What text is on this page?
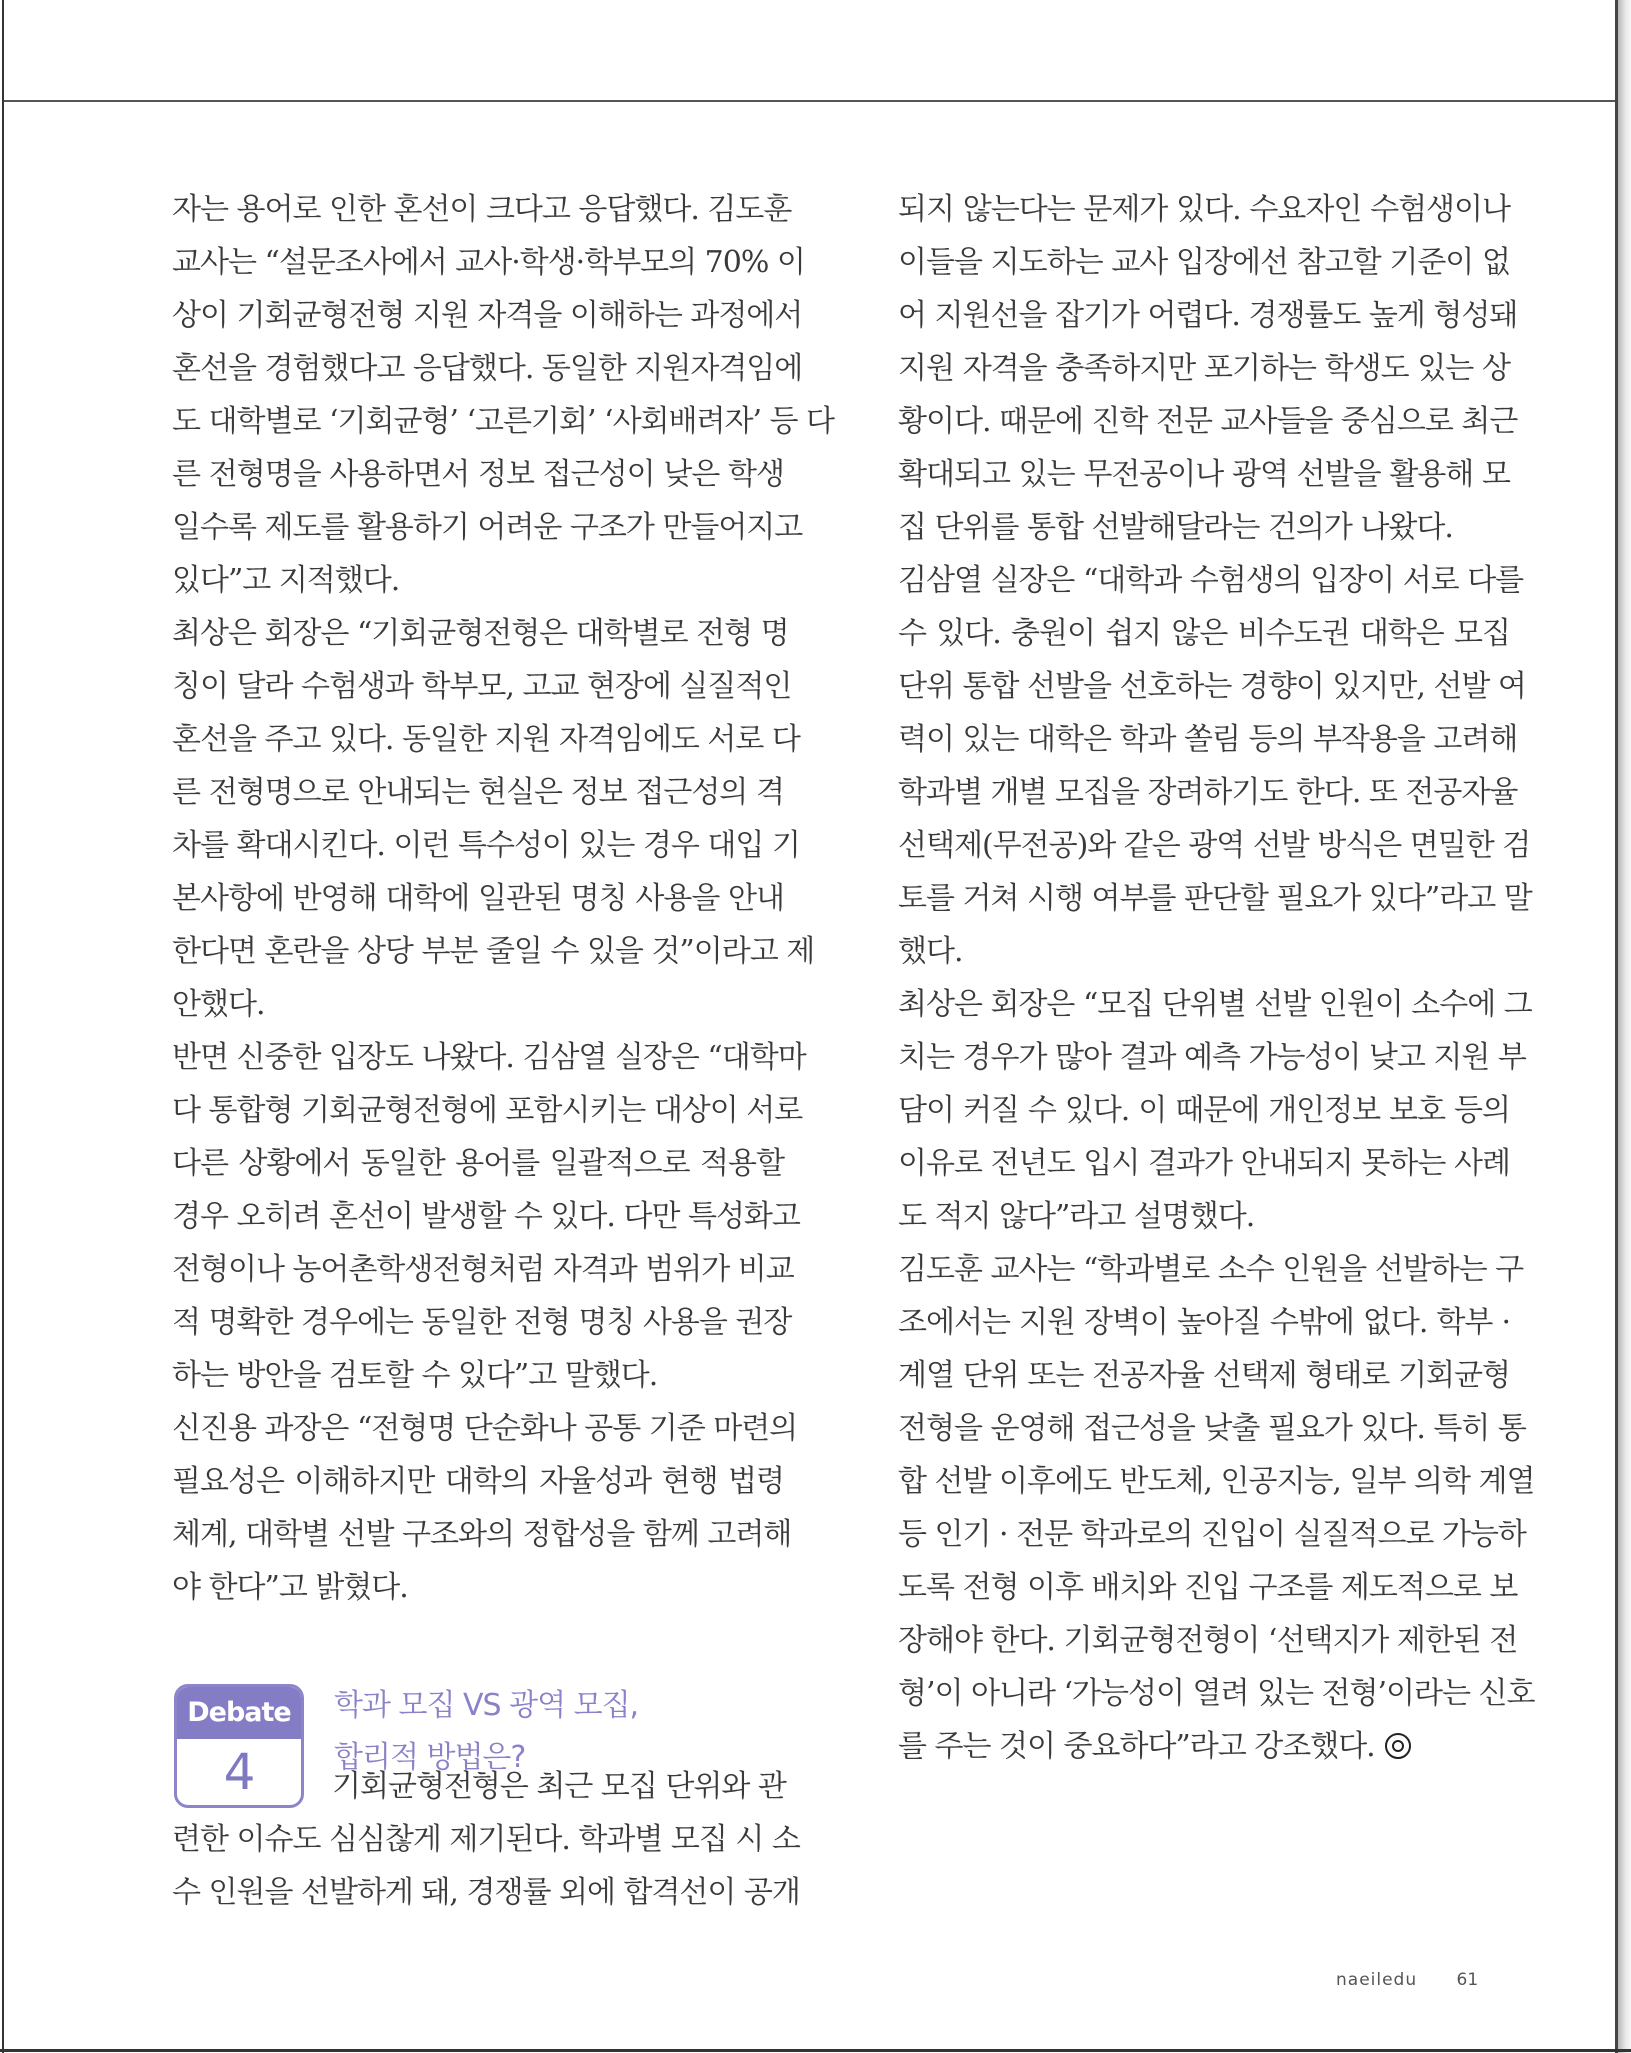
자는 용어로 인한 혼선이 크다고 응답했다. 김도훈
교사는 “설문조사에서 교사·학생·학부모의 70% 이
상이 기회균형전형 지원 자격을 이해하는 과정에서
혼선을 경험했다고 응답했다. 동일한 지원자격임에
도 대학별로 ‘기회균형’ ‘고른기회’ ‘사회배려자’ 등 다
른 전형명을 사용하면서 정보 접근성이 낮은 학생
일수록 제도를 활용하기 어려운 구조가 만들어지고
있다”고 지적했다.
최상은 회장은 “기회균형전형은 대학별로 전형 명
칭이 달라 수험생과 학부모, 고교 현장에 실질적인
혼선을 주고 있다. 동일한 지원 자격임에도 서로 다
른 전형명으로 안내되는 현실은 정보 접근성의 격
차를 확대시킨다. 이런 특수성이 있는 경우 대입 기
본사항에 반영해 대학에 일관된 명칭 사용을 안내
한다면 혼란을 상당 부분 줄일 수 있을 것”이라고 제
안했다.
반면 신중한 입장도 나왔다. 김삼열 실장은 “대학마
다 통합형 기회균형전형에 포함시키는 대상이 서로
다른 상황에서 동일한 용어를 일괄적으로 적용할
경우 오히려 혼선이 발생할 수 있다. 다만 특성화고
전형이나 농어촌학생전형처럼 자격과 범위가 비교
적 명확한 경우에는 동일한 전형 명칭 사용을 권장
하는 방안을 검토할 수 있다”고 말했다.
신진용 과장은 “전형명 단순화나 공통 기준 마련의
필요성은 이해하지만 대학의 자율성과 현행 법령
체계, 대학별 선발 구조와의 정합성을 함께 고려해
야 한다”고 밝혔다.
Debate
4
학과 모집 VS 광역 모집,
합리적 방법은?
기회균형전형은 최근 모집 단위와 관
련한 이슈도 심심찮게 제기된다. 학과별 모집 시 소
수 인원을 선발하게 돼, 경쟁률 외에 합격선이 공개
되지 않는다는 문제가 있다. 수요자인 수험생이나
이들을 지도하는 교사 입장에선 참고할 기준이 없
어 지원선을 잡기가 어렵다. 경쟁률도 높게 형성돼
지원 자격을 충족하지만 포기하는 학생도 있는 상
황이다. 때문에 진학 전문 교사들을 중심으로 최근
확대되고 있는 무전공이나 광역 선발을 활용해 모
집 단위를 통합 선발해달라는 건의가 나왔다.
김삼열 실장은 “대학과 수험생의 입장이 서로 다를
수 있다. 충원이 쉽지 않은 비수도권 대학은 모집
단위 통합 선발을 선호하는 경향이 있지만, 선발 여
력이 있는 대학은 학과 쏠림 등의 부작용을 고려해
학과별 개별 모집을 장려하기도 한다. 또 전공자율
선택제(무전공)와 같은 광역 선발 방식은 면밀한 검
토를 거쳐 시행 여부를 판단할 필요가 있다”라고 말
했다.
최상은 회장은 “모집 단위별 선발 인원이 소수에 그
치는 경우가 많아 결과 예측 가능성이 낮고 지원 부
담이 커질 수 있다. 이 때문에 개인정보 보호 등의
이유로 전년도 입시 결과가 안내되지 못하는 사례
도 적지 않다”라고 설명했다.
김도훈 교사는 “학과별로 소수 인원을 선발하는 구
조에서는 지원 장벽이 높아질 수밖에 없다. 학부 ·
계열 단위 또는 전공자율 선택제 형태로 기회균형
전형을 운영해 접근성을 낮출 필요가 있다. 특히 통
합 선발 이후에도 반도체, 인공지능, 일부 의학 계열
등 인기 · 전문 학과로의 진입이 실질적으로 가능하
도록 전형 이후 배치와 진입 구조를 제도적으로 보
장해야 한다. 기회균형전형이 ‘선택지가 제한된 전
형’이 아니라 ‘가능성이 열려 있는 전형’이라는 신호
를 주는 것이 중요하다”라고 강조했다.
naeiledu 61
